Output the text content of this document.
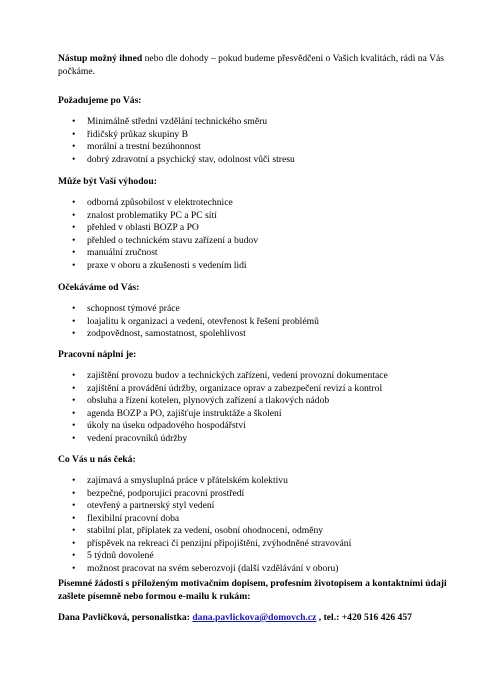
Nástup možný ihned nebo dle dohody – pokud budeme přesvědčeni o Vašich kvalitách, rádi na Vás počkáme.
Požadujeme po Vás:
• Minimálně střední vzdělání technického směru
• řidičský průkaz skupiny B
• morální a trestní bezúhonnost
• dobrý zdravotní a psychický stav, odolnost vůči stresu
Může být Vaší výhodou:
• odborná způsobilost v elektrotechnice
• znalost problematiky PC a PC sítí
• přehled v oblasti BOZP a PO
• přehled o technickém stavu zařízení a budov
• manuální zručnost
• praxe v oboru a zkušenosti s vedením lidí
Očekáváme od Vás:
• schopnost týmové práce
• loajalitu k organizaci a vedení, otevřenost k řešení problémů
• zodpovědnost, samostatnost, spolehlivost
Pracovní náplní je:
• zajištění provozu budov a technických zařízení, vedení provozní dokumentace
• zajištění a provádění údržby, organizace oprav a zabezpečení revizí a kontrol
• obsluha a řízení kotelen, plynových zařízení a tlakových nádob
• agenda BOZP a PO, zajišťuje instruktáže a školení
• úkoly na úseku odpadového hospodářství
• vedení pracovníků údržby
Co Vás u nás čeká:
• zajímavá a smysluplná práce v přátelském kolektivu
• bezpečné, podporující pracovní prostředí
• otevřený a partnerský styl vedení
• flexibilní pracovní doba
• stabilní plat, příplatek za vedení, osobní ohodnocení, odměny
• příspěvek na rekreaci či penzijní připojištění, zvýhodněné stravování
• 5 týdnů dovolené
• možnost pracovat na svém seberozvoji (další vzdělávání v oboru)
Písemné žádosti s přiloženým motivačním dopisem, profesním životopisem a kontaktními údaji zašlete písemně nebo formou e-mailu k rukám:
Dana Pavlíčková, personalistka: dana.pavlickova@domovch.cz , tel.: +420 516 426 457
